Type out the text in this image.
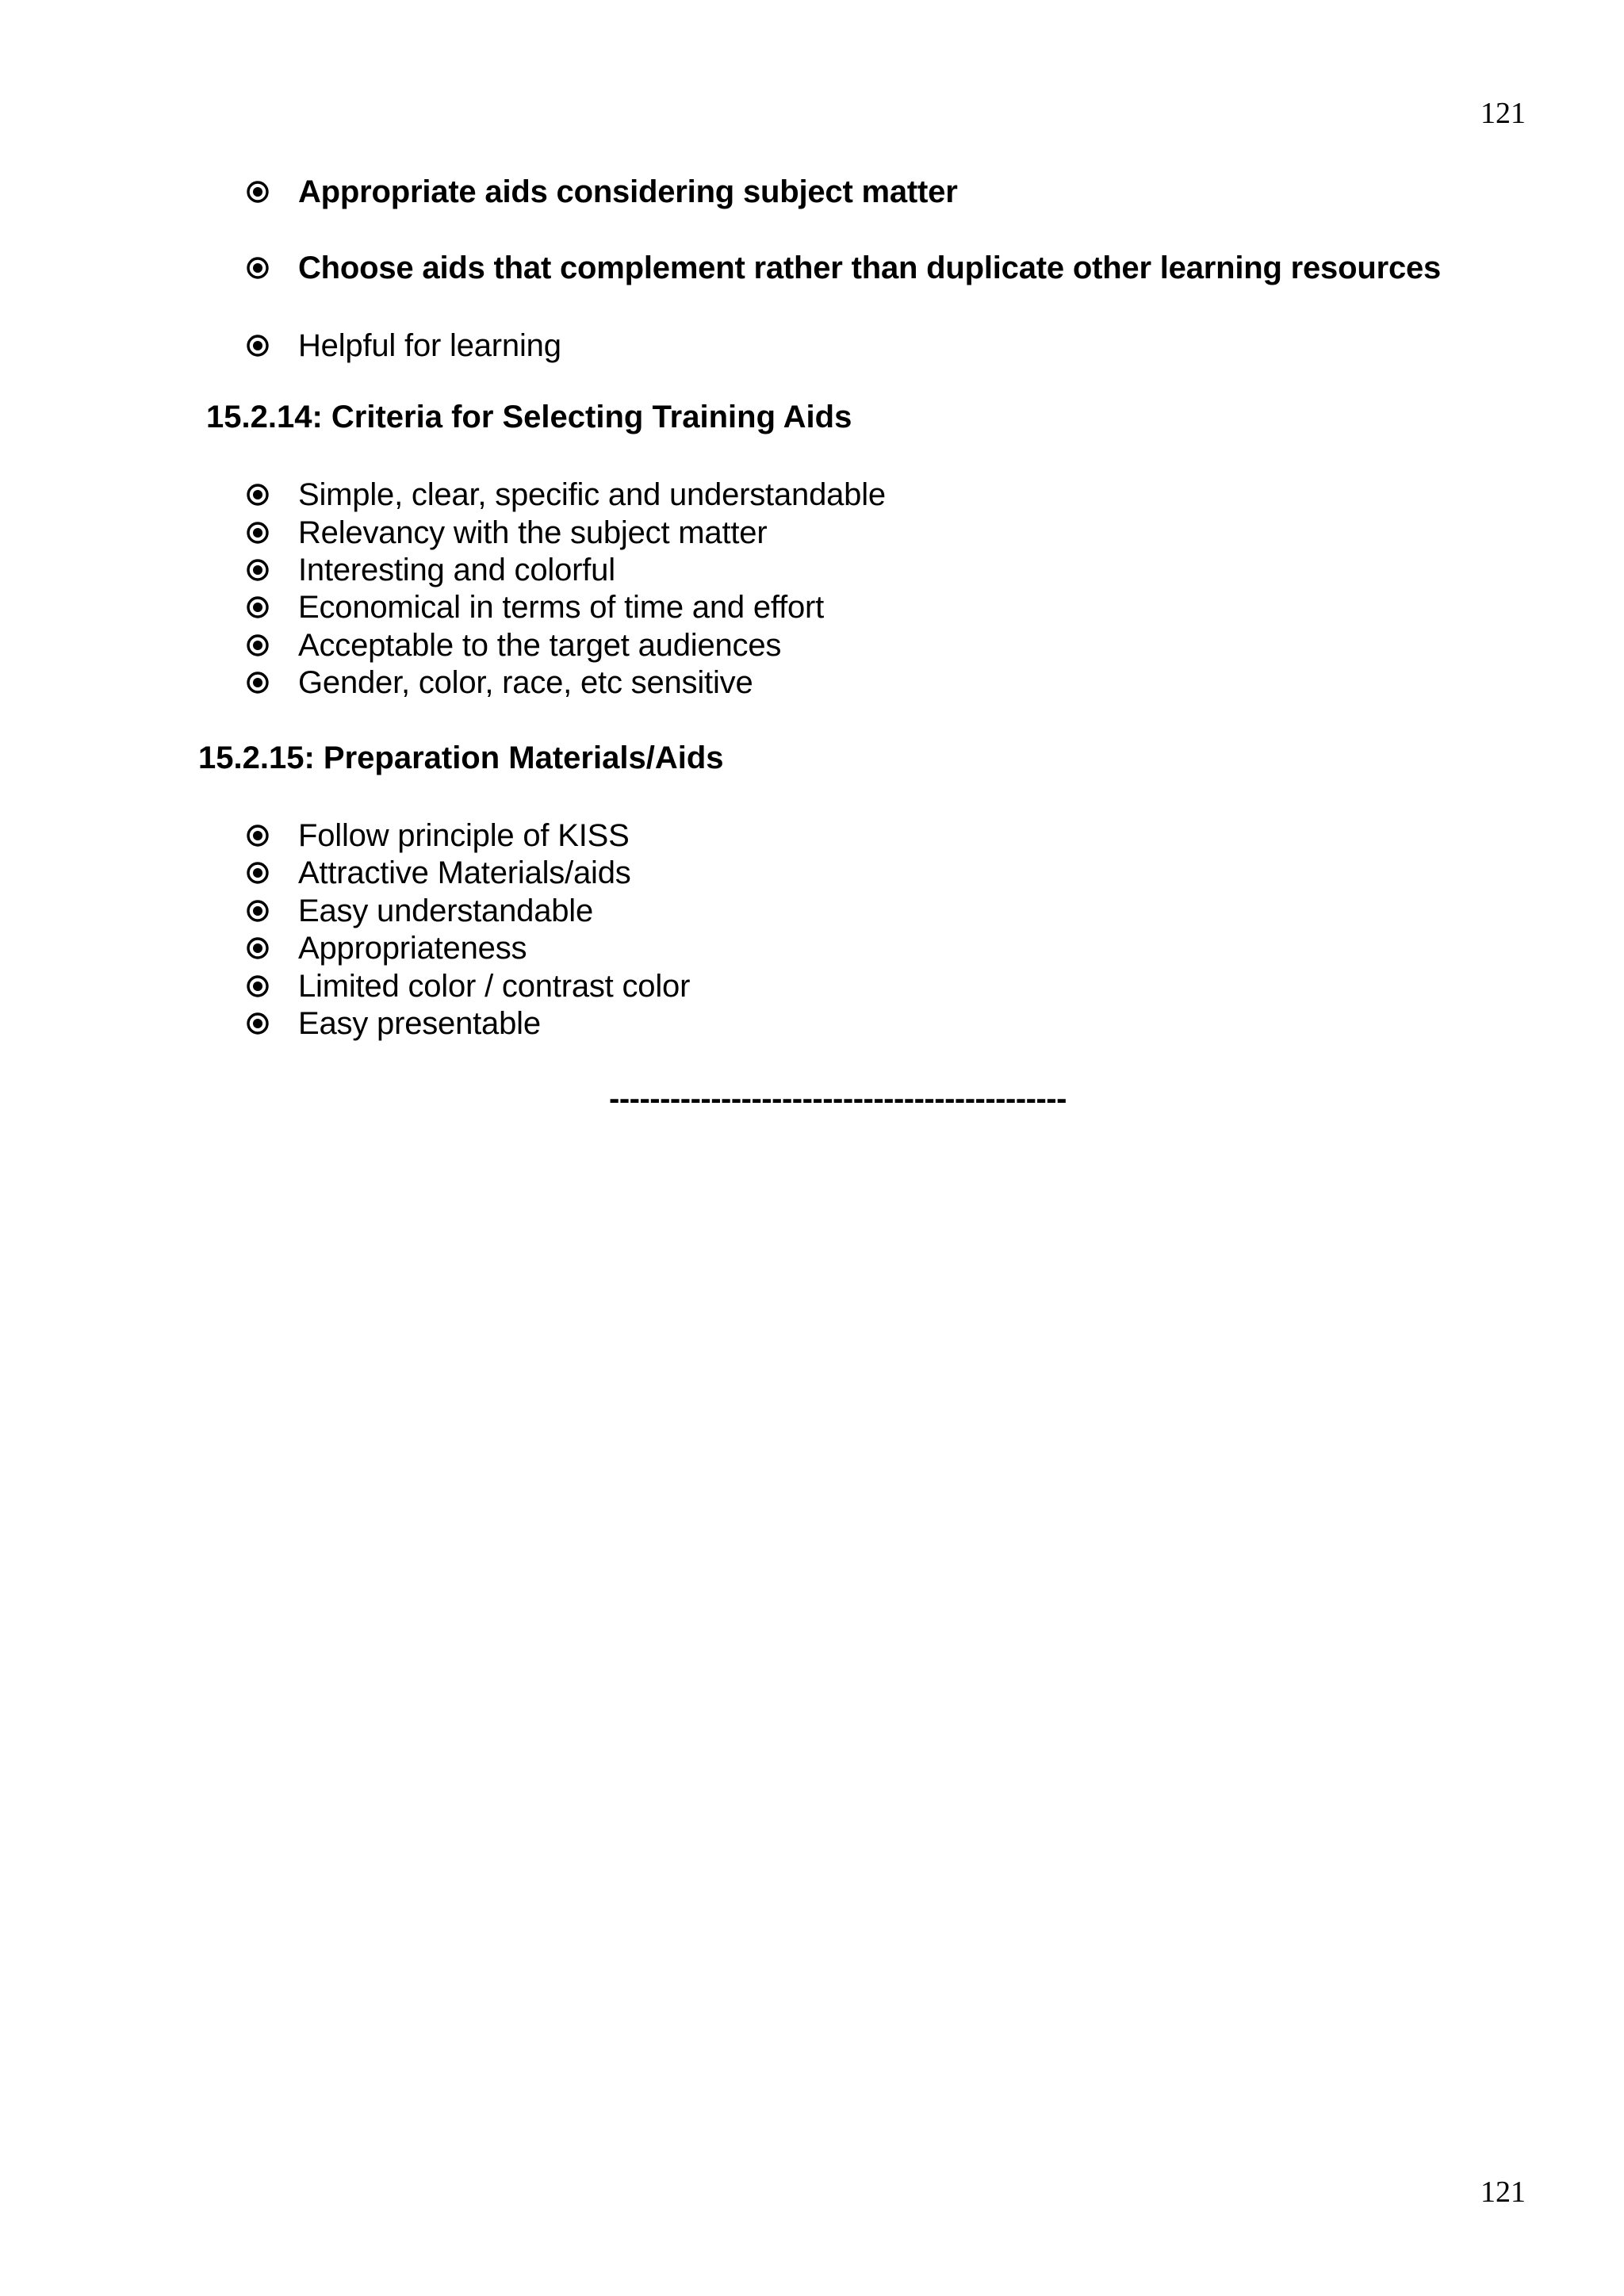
121
Appropriate aids considering subject matter
Choose aids that complement rather than duplicate other learning resources
Helpful for learning
15.2.14: Criteria for Selecting Training Aids
Simple, clear, specific and understandable
Relevancy with the subject matter
Interesting and colorful
Economical in terms of time and effort
Acceptable to the target audiences
Gender, color, race, etc sensitive
15.2.15: Preparation Materials/Aids
Follow principle of KISS
Attractive Materials/aids
Easy understandable
Appropriateness
Limited color / contrast color
Easy presentable
---------------------------------------------
121
